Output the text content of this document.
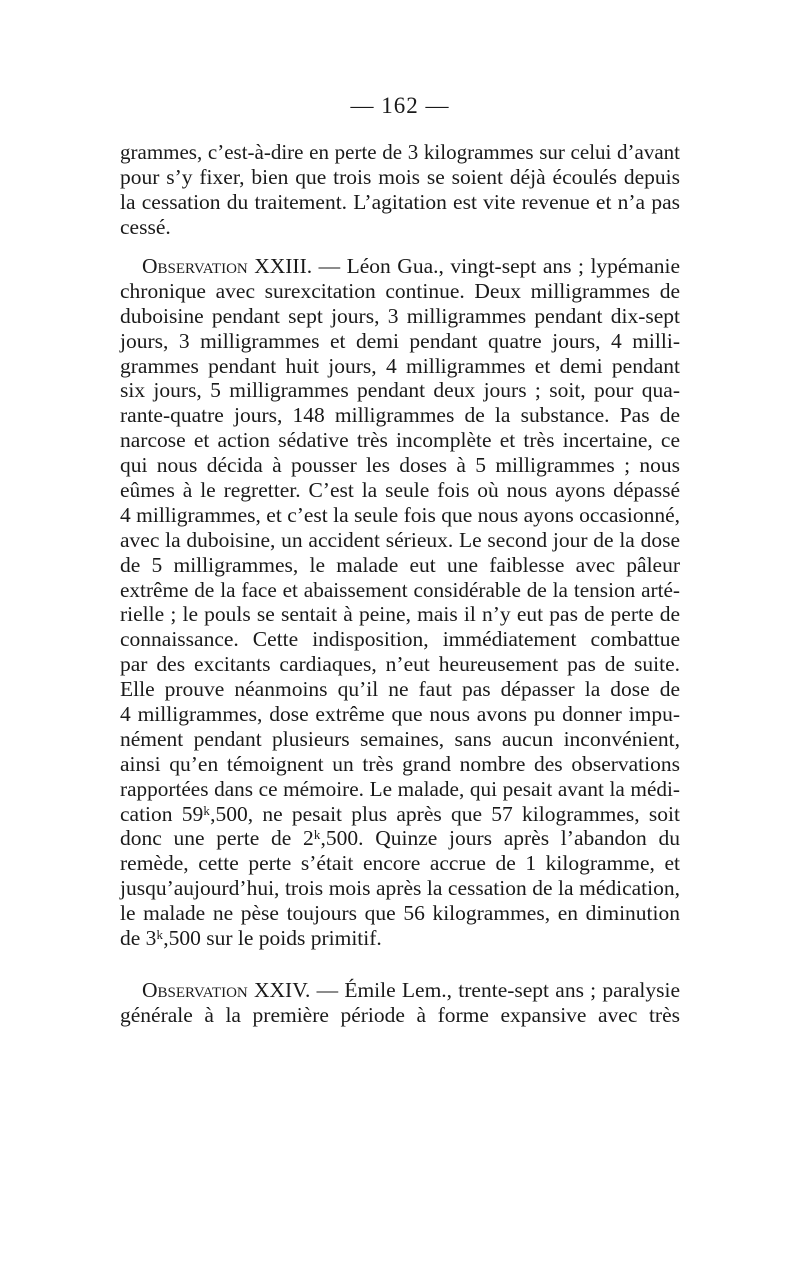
— 162 —
grammes, c’est-à-dire en perte de 3 kilogrammes sur celui d’avant
pour s’y fixer, bien que trois mois se soient déjà écoulés depuis
la cessation du traitement. L’agitation est vite revenue et n’a pas
cessé.
Observation XXIII. — Léon Gua., vingt-sept ans ; lypémanie
chronique avec surexcitation continue. Deux milligrammes de
duboisine pendant sept jours, 3 milligrammes pendant dix-sept
jours, 3 milligrammes et demi pendant quatre jours, 4 milli-
grammes pendant huit jours, 4 milligrammes et demi pendant
six jours, 5 milligrammes pendant deux jours ; soit, pour qua-
rante-quatre jours, 148 milligrammes de la substance. Pas de
narcose et action sédative très incomplète et très incertaine, ce
qui nous décida à pousser les doses à 5 milligrammes ; nous
eûmes à le regretter. C’est la seule fois où nous ayons dépassé
4 milligrammes, et c’est la seule fois que nous ayons occasionné,
avec la duboisine, un accident sérieux. Le second jour de la dose
de 5 milligrammes, le malade eut une faiblesse avec pâleur
extrême de la face et abaissement considérable de la tension arté-
rielle ; le pouls se sentait à peine, mais il n’y eut pas de perte de
connaissance. Cette indisposition, immédiatement combattue
par des excitants cardiaques, n’eut heureusement pas de suite.
Elle prouve néanmoins qu’il ne faut pas dépasser la dose de
4 milligrammes, dose extrême que nous avons pu donner impu-
nément pendant plusieurs semaines, sans aucun inconvénient,
ainsi qu’en témoignent un très grand nombre des observations
rapportées dans ce mémoire. Le malade, qui pesait avant la médi-
cation 59ᵏ,500, ne pesait plus après que 57 kilogrammes, soit
donc une perte de 2ᵏ,500. Quinze jours après l’abandon du
remède, cette perte s’était encore accrue de 1 kilogramme, et
jusqu’aujourd’hui, trois mois après la cessation de la médication,
le malade ne pèse toujours que 56 kilogrammes, en diminution
de 3ᵏ,500 sur le poids primitif.
Observation XXIV. — Émile Lem., trente-sept ans ; paralysie
générale à la première période à forme expansive avec très
